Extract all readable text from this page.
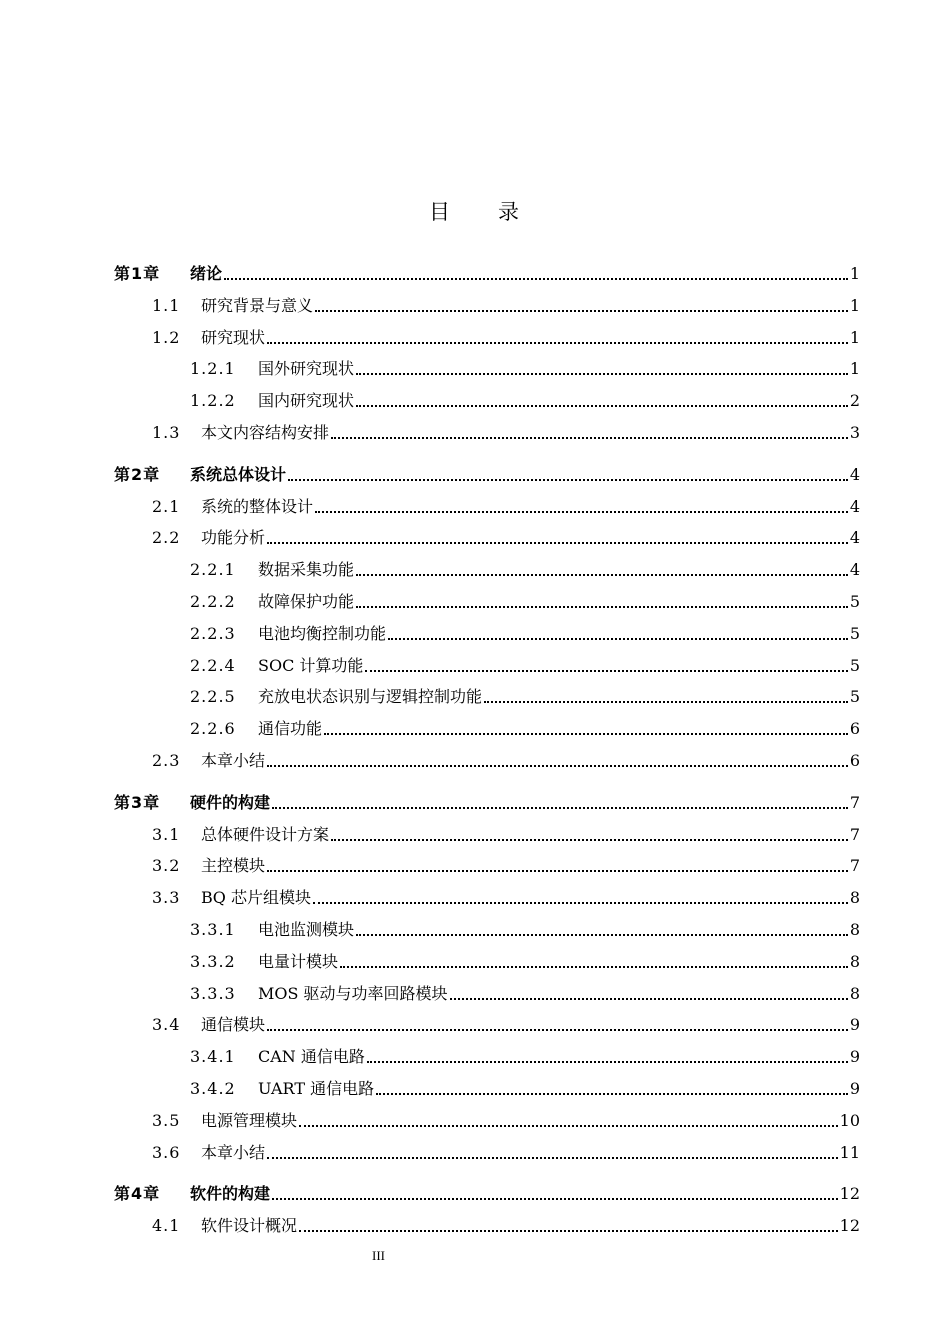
目 录
第1章	绪论	1
1.1	研究背景与意义	1
1.2	研究现状	1
1.2.1	国外研究现状	1
1.2.2	国内研究现状	2
1.3	本文内容结构安排	3
第2章	系统总体设计	4
2.1	系统的整体设计	4
2.2	功能分析	4
2.2.1	数据采集功能	4
2.2.2	故障保护功能	5
2.2.3	电池均衡控制功能	5
2.2.4	SOC 计算功能	5
2.2.5	充放电状态识别与逻辑控制功能	5
2.2.6	通信功能	6
2.3	本章小结	6
第3章	硬件的构建	7
3.1	总体硬件设计方案	7
3.2	主控模块	7
3.3	BQ 芯片组模块	8
3.3.1	电池监测模块	8
3.3.2	电量计模块	8
3.3.3	MOS 驱动与功率回路模块	8
3.4	通信模块	9
3.4.1	CAN 通信电路	9
3.4.2	UART 通信电路	9
3.5	电源管理模块	10
3.6	本章小结	11
第4章	软件的构建	12
4.1	软件设计概况	12
III
